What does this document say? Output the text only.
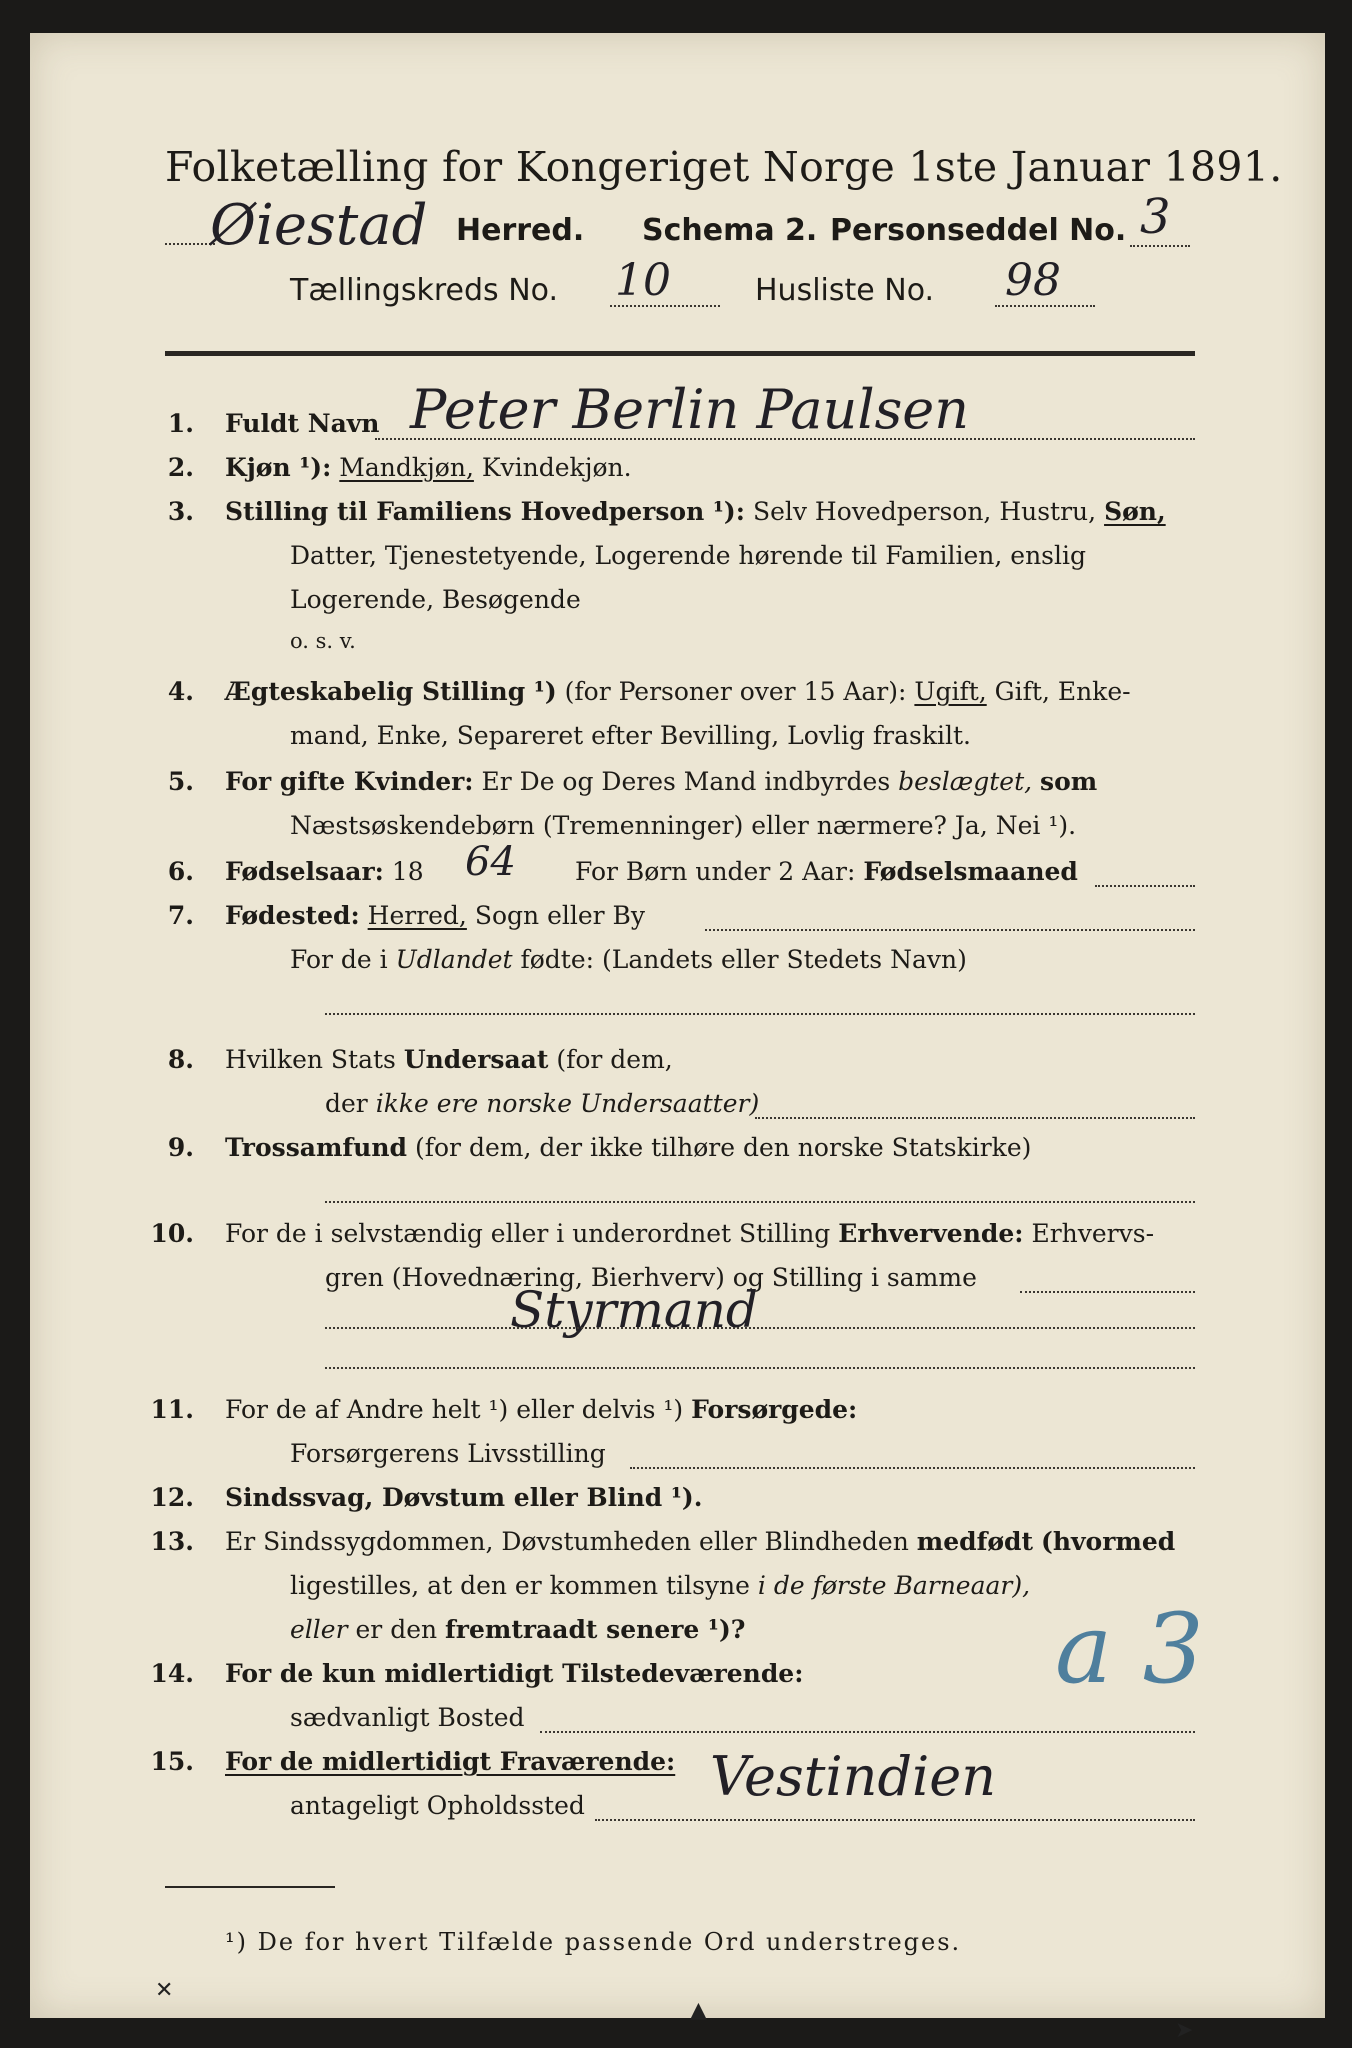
Folketælling for Kongeriget Norge 1ste Januar 1891.
Øiestad Herred. Schema 2. Personseddel No. 3
Tællingskreds No. 10	Husliste No. 98
1. Fuldt Navn Peter Berlin Paulsen
2. Kjøn ¹): Mandkjøn, Kvindekjøn.
3. Stilling til Familiens Hovedperson ¹): Selv Hovedperson, Hustru, Søn,
Datter, Tjenestetyende, Logerende hørende til Familien, enslig
Logerende, Besøgende
o. s. v.
4. Ægteskabelig Stilling ¹) (for Personer over 15 Aar): Ugift, Gift, Enke-
mand, Enke, Separeret efter Bevilling, Lovlig fraskilt.
5. For gifte Kvinder: Er De og Deres Mand indbyrdes beslægtet, som
Næstsøskendebørn (Tremenninger) eller nærmere? Ja, Nei ¹).
6. Fødselsaar: 18 64 For Børn under 2 Aar: Fødselsmaaned
7. Fødested: Herred, Sogn eller By
For de i Udlandet fødte: (Landets eller Stedets Navn)
8. Hvilken Stats Undersaat (for dem,
der ikke ere norske Undersaatter)
9. Trossamfund (for dem, der ikke tilhøre den norske Statskirke)
10. For de i selvstændig eller i underordnet Stilling Erhvervende: Erhvervs-
gren (Hovednæring, Bierhverv) og Stilling i samme
Styrmand
11. For de af Andre helt ¹) eller delvis ¹) Forsørgede:
Forsørgerens Livsstilling
12. Sindssvag, Døvstum eller Blind ¹).
13. Er Sindssygdommen, Døvstumheden eller Blindheden medfødt (hvormed
ligestilles, at den er kommen tilsyne i de første Barneaar),
eller er den fremtraadt senere ¹)?
14. For de kun midlertidigt Tilstedeværende:
sædvanligt Bosted
a 3
15. For de midlertidigt Fraværende:
antageligt Opholdssted Vestindien
¹) De for hvert Tilfælde passende Ord understreges.
✕
▲
➤
